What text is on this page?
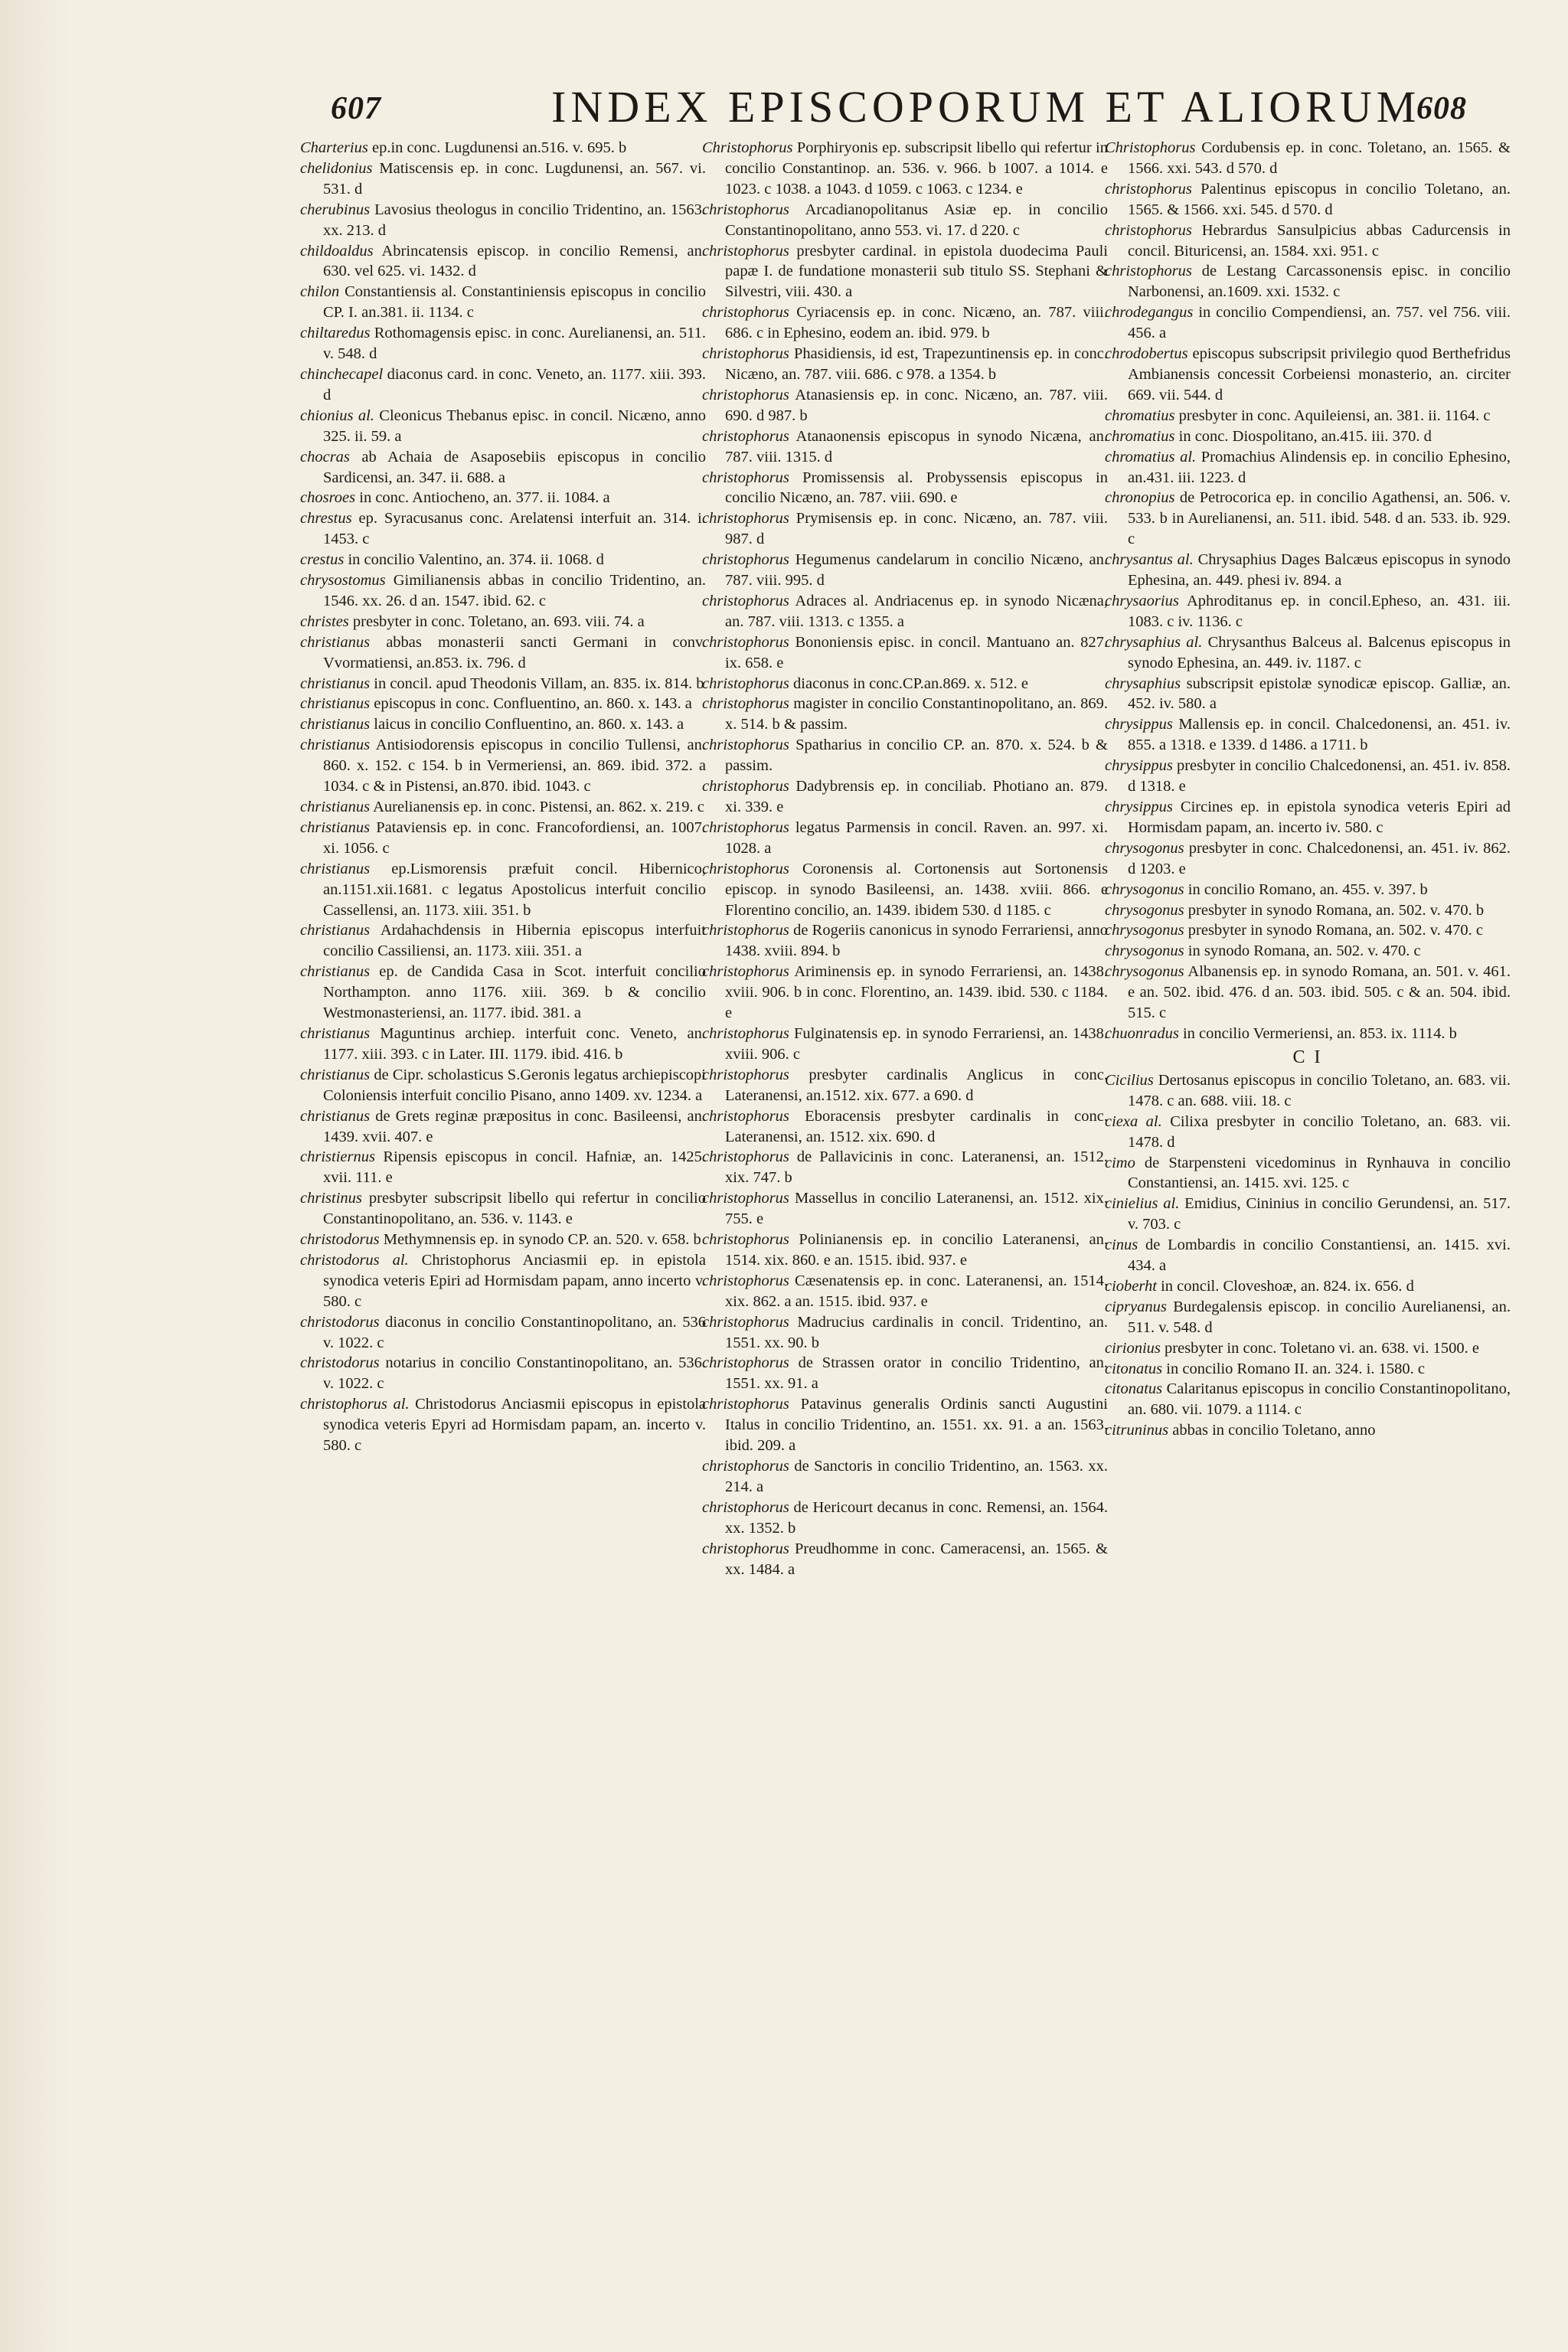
607	INDEX EPISCOPORUM ET ALIORUM
608

Charterius ep.in conc. Lugdunensi an.516. v. 695. b

chelidonius Matiscensis ep. in conc. Lugdunensi, an. 567. vi. 531. d

cherubinus Lavosius theologus in concilio Tridentino, an. 1563. xx. 213. d

childoaldus Abrincatensis episcop. in concilio Remensi, an. 630. vel 625. vi. 1432. d

chilon Constantiensis al. Constantiniensis episcopus in concilio CP. I. an.381. ii. 1134. c

chiltaredus Rothomagensis episc. in conc. Aurelianensi, an. 511. v. 548. d

chinchecapel diaconus card. in conc. Veneto, an. 1177. xiii. 393. d

chionius al. Cleonicus Thebanus episc. in concil. Nicæno, anno 325. ii. 59. a

chocras ab Achaia de Asaposebiis episcopus in concilio Sardicensi, an. 347. ii. 688. a

chosroes in conc. Antiocheno, an. 377. ii. 1084. a

chrestus ep. Syracusanus conc. Arelatensi interfuit an. 314. i. 1453. c

crestus in concilio Valentino, an. 374. ii. 1068. d

chrysostomus Gimilianensis abbas in concilio Tridentino, an. 1546. xx. 26. d an. 1547. ibid. 62. c

christes presbyter in conc. Toletano, an. 693. viii. 74. a

christianus abbas monasterii sancti Germani in conv. Vvormatiensi, an.853. ix. 796. d

christianus in concil. apud Theodonis Villam, an. 835. ix. 814. b

christianus episcopus in conc. Confluentino, an. 860. x. 143. a

christianus laicus in concilio Confluentino, an. 860. x. 143. a

christianus Antisiodorensis episcopus in concilio Tullensi, an. 860. x. 152. c 154. b in Vermeriensi, an. 869. ibid. 372. a 1034. c & in Pistensi, an.870. ibid. 1043. c

christianus Aurelianensis ep. in conc. Pistensi, an. 862. x. 219. c

christianus Pataviensis ep. in conc. Francofordiensi, an. 1007. xi. 1056. c

christianus ep.Lismorensis præfuit concil. Hibernico, an.1151.xii.1681. c legatus Apostolicus interfuit concilio Cassellensi, an. 1173. xiii. 351. b

christianus Ardahachdensis in Hibernia episcopus interfuit concilio Cassiliensi, an. 1173. xiii. 351. a

christianus ep. de Candida Casa in Scot. interfuit concilio Northampton. anno 1176. xiii. 369. b & concilio Westmonasteriensi, an. 1177. ibid. 381. a

christianus Maguntinus archiep. interfuit conc. Veneto, an. 1177. xiii. 393. c in Later. III. 1179. ibid. 416. b

christianus de Cipr. scholasticus S.Geronis legatus archiepiscopi Coloniensis interfuit concilio Pisano, anno 1409. xv. 1234. a

christianus de Grets reginæ præpositus in conc. Basileensi, an. 1439. xvii. 407. e

christiernus Ripensis episcopus in concil. Hafniæ, an. 1425. xvii. 111. e

christinus presbyter subscripsit libello qui refertur in concilio Constantinopolitano, an. 536. v. 1143. e

christodorus Methymnensis ep. in synodo CP. an. 520. v. 658. b

christodorus al. Christophorus Anciasmii ep. in epistola synodica veteris Epiri ad Hormisdam papam, anno incerto v. 580. c

christodorus diaconus in concilio Constantinopolitano, an. 536 v. 1022. c

christodorus notarius in concilio Constantinopolitano, an. 536. v. 1022. c

christophorus al. Christodorus Anciasmii episcopus in epistola synodica veteris Epyri ad Hormisdam papam, an. incerto v. 580. c

Christophorus Porphiryonis ep. subscripsit libello qui refertur in concilio Constantinop. an. 536. v. 966. b 1007. a 1014. e 1023. c 1038. a 1043. d 1059. c 1063. c 1234. e

christophorus Arcadianopolitanus Asiæ ep. in concilio Constantinopolitano, anno 553. vi. 17. d 220. c

christophorus presbyter cardinal. in epistola duodecima Pauli papæ I. de fundatione monasterii sub titulo SS. Stephani & Silvestri, viii. 430. a

christophorus Cyriacensis ep. in conc. Nicæno, an. 787. viii. 686. c in Ephesino, eodem an. ibid. 979. b

christophorus Phasidiensis, id est, Trapezuntinensis ep. in conc. Nicæno, an. 787. viii. 686. c 978. a 1354. b

christophorus Atanasiensis ep. in conc. Nicæno, an. 787. viii. 690. d 987. b

christophorus Atanaonensis episcopus in synodo Nicæna, an. 787. viii. 1315. d

christophorus Promissensis al. Probyssensis episcopus in concilio Nicæno, an. 787. viii. 690. e

christophorus Prymisensis ep. in conc. Nicæno, an. 787. viii. 987. d

christophorus Hegumenus candelarum in concilio Nicæno, an. 787. viii. 995. d

christophorus Adraces al. Andriacenus ep. in synodo Nicæna, an. 787. viii. 1313. c 1355. a

christophorus Bononiensis episc. in concil. Mantuano an. 827. ix. 658. e

christophorus diaconus in conc.CP.an.869. x. 512. e

christophorus magister in concilio Constantinopolitano, an. 869. x. 514. b & passim.

christophorus Spatharius in concilio CP. an. 870. x. 524. b & passim.

christophorus Dadybrensis ep. in conciliab. Photiano an. 879. xi. 339. e

christophorus legatus Parmensis in concil. Raven. an. 997. xi. 1028. a

christophorus Coronensis al. Cortonensis aut Sortonensis episcop. in synodo Basileensi, an. 1438. xviii. 866. e Florentino concilio, an. 1439. ibidem 530. d 1185. c

christophorus de Rogeriis canonicus in synodo Ferrariensi, anno 1438. xviii. 894. b

christophorus Ariminensis ep. in synodo Ferrariensi, an. 1438. xviii. 906. b in conc. Florentino, an. 1439. ibid. 530. c 1184. e

christophorus Fulginatensis ep. in synodo Ferrariensi, an. 1438. xviii. 906. c

christophorus presbyter cardinalis Anglicus in conc. Lateranensi, an.1512. xix. 677. a 690. d

christophorus Eboracensis presbyter cardinalis in conc. Lateranensi, an. 1512. xix. 690. d

christophorus de Pallavicinis in conc. Lateranensi, an. 1512. xix. 747. b

christophorus Massellus in concilio Lateranensi, an. 1512. xix. 755. e

christophorus Polinianensis ep. in concilio Lateranensi, an. 1514. xix. 860. e an. 1515. ibid. 937. e

christophorus Cæsenatensis ep. in conc. Lateranensi, an. 1514. xix. 862. a an. 1515. ibid. 937. e

christophorus Madrucius cardinalis in concil. Tridentino, an. 1551. xx. 90. b

christophorus de Strassen orator in concilio Tridentino, an. 1551. xx. 91. a

christophorus Patavinus generalis Ordinis sancti Augustini Italus in concilio Tridentino, an. 1551. xx. 91. a an. 1563. ibid. 209. a

christophorus de Sanctoris in concilio Tridentino, an. 1563. xx. 214. a

christophorus de Hericourt decanus in conc. Remensi, an. 1564. xx. 1352. b

christophorus Preudhomme in conc. Cameracensi, an. 1565. & xx. 1484. a

Christophorus Cordubensis ep. in conc. Toletano, an. 1565. & 1566. xxi. 543. d 570. d

christophorus Palentinus episcopus in concilio Toletano, an. 1565. & 1566. xxi. 545. d 570. d

christophorus Hebrardus Sansulpicius abbas Cadurcensis in concil. Bituricensi, an. 1584. xxi. 951. c

christophorus de Lestang Carcassonensis episc. in concilio Narbonensi, an.1609. xxi. 1532. c

chrodegangus in concilio Compendiensi, an. 757. vel 756. viii. 456. a

chrodobertus episcopus subscripsit privilegio quod Berthefridus Ambianensis concessit Corbeiensi monasterio, an. circiter 669. vii. 544. d

chromatius presbyter in conc. Aquileiensi, an. 381. ii. 1164. c

chromatius in conc. Diospolitano, an.415. iii. 370. d

chromatius al. Promachius Alindensis ep. in concilio Ephesino, an.431. iii. 1223. d

chronopius de Petrocorica ep. in concilio Agathensi, an. 506. v. 533. b in Aurelianensi, an. 511. ibid. 548. d an. 533. ib. 929. c

chrysantus al. Chrysaphius Dages Balcæus episcopus in synodo Ephesina, an. 449. phesi iv. 894. a

chrysaorius Aphroditanus ep. in concil.Epheso, an. 431. iii. 1083. c iv. 1136. c

chrysaphius al. Chrysanthus Balceus al. Balcenus episcopus in synodo Ephesina, an. 449. iv. 1187. c

chrysaphius subscripsit epistolæ synodicæ episcop. Galliæ, an. 452. iv. 580. a

chrysippus Mallensis ep. in concil. Chalcedonensi, an. 451. iv. 855. a 1318. e 1339. d 1486. a 1711. b

chrysippus presbyter in concilio Chalcedonensi, an. 451. iv. 858. d 1318. e

chrysippus Circines ep. in epistola synodica veteris Epiri ad Hormisdam papam, an. incerto iv. 580. c

chrysogonus presbyter in conc. Chalcedonensi, an. 451. iv. 862. d 1203. e

chrysogonus in concilio Romano, an. 455. v. 397. b

chrysogonus presbyter in synodo Romana, an. 502. v. 470. b

chrysogonus presbyter in synodo Romana, an. 502. v. 470. c

chrysogonus in synodo Romana, an. 502. v. 470. c

chrysogonus Albanensis ep. in synodo Romana, an. 501. v. 461. e an. 502. ibid. 476. d an. 503. ibid. 505. c & an. 504. ibid. 515. c

chuonradus in concilio Vermeriensi, an. 853. ix. 1114. b

C I

Cicilius Dertosanus episcopus in concilio Toletano, an. 683. vii. 1478. c an. 688. viii. 18. c

ciexa al. Cilixa presbyter in concilio Toletano, an. 683. vii. 1478. d

cimo de Starpensteni vicedominus in Rynhauva in concilio Constantiensi, an. 1415. xvi. 125. c

cinielius al. Emidius, Cininius in concilio Gerundensi, an. 517. v. 703. c

cinus de Lombardis in concilio Constantiensi, an. 1415. xvi. 434. a

cioberht in concil. Cloveshoæ, an. 824. ix. 656. d

cipryanus Burdegalensis episcop. in concilio Aurelianensi, an. 511. v. 548. d

cirionius presbyter in conc. Toletano vi. an. 638. vi. 1500. e

citonatus in concilio Romano II. an. 324. i. 1580. c

citonatus Calaritanus episcopus in concilio Constantinopolitano, an. 680. vii. 1079. a 1114. c

citruninus abbas in concilio Toletano, anno
